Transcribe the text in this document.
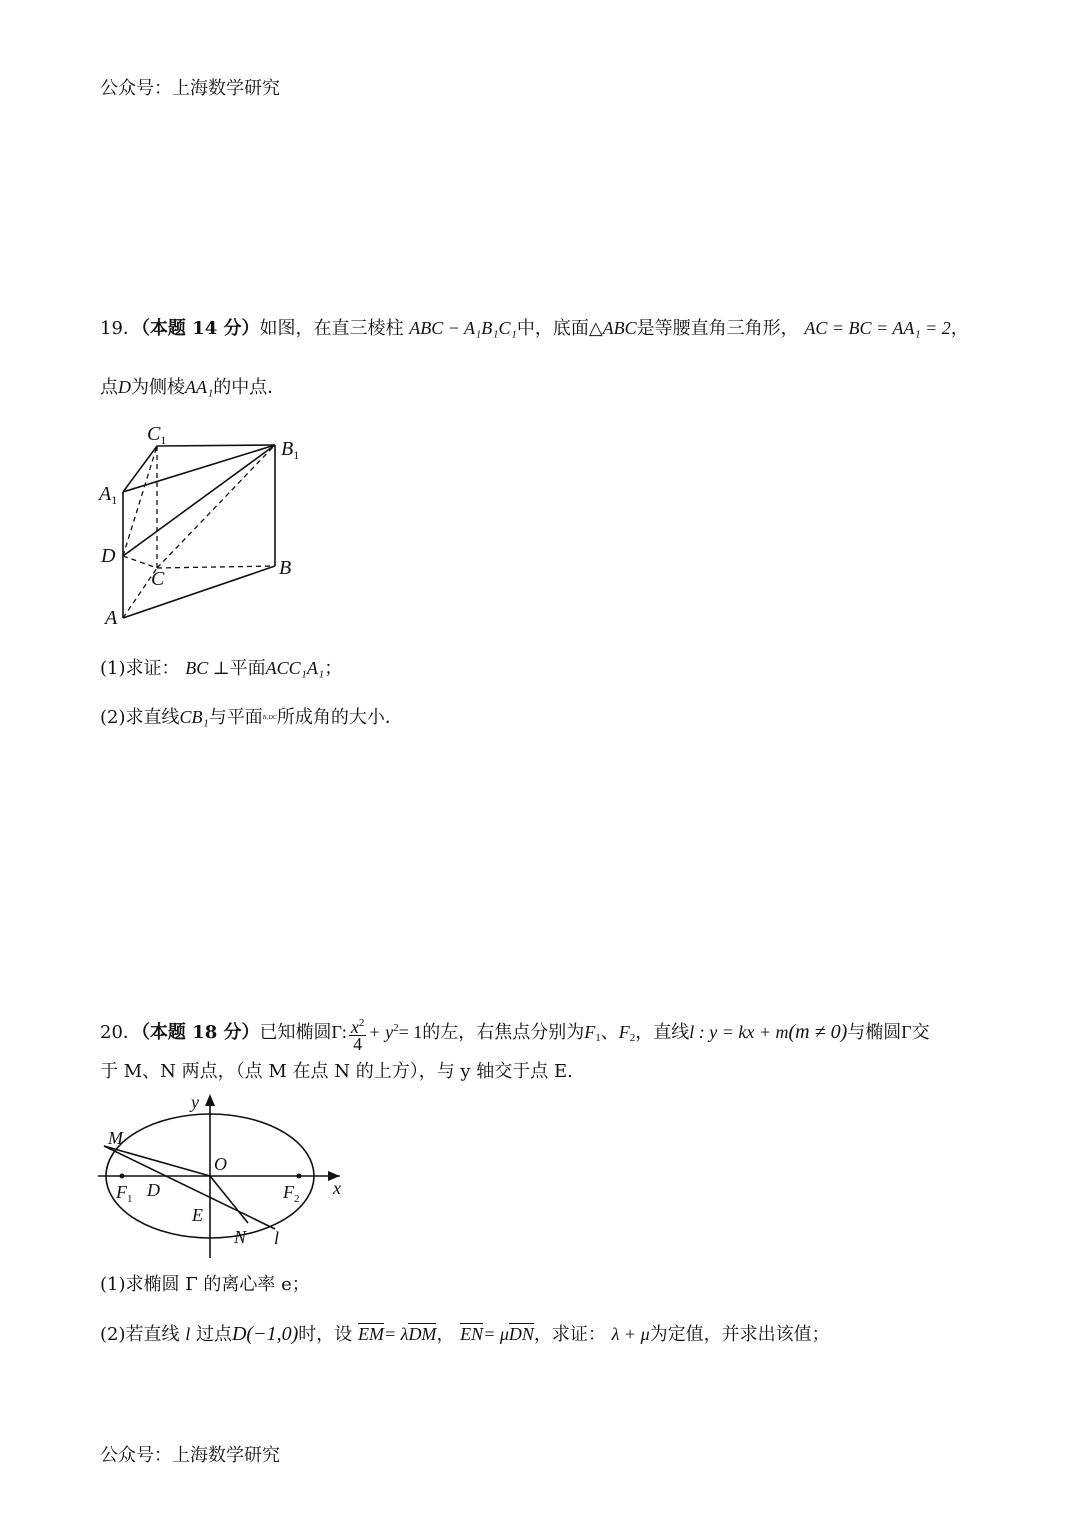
公众号：上海数学研究
19．（本题 14 分）如图，在直三棱柱 ABC − A₁B₁C₁中，底面△ABC是等腰直角三角形， AC = BC = AA₁ = 2，
点D为侧棱AA₁的中点．
$C_1$	$B_1$
$A_1$
D
C	B
A
(1)求证： BC ⊥平面ACC₁A₁；
(2)求直线CB₁与平面B₁DC所成角的大小．
20．（本题 18 分）已知椭圆Γ: $\frac{x^2}{4} + y^2= 1$的左，右焦点分别为$F_1$、$F_2$，直线l : y = kx + m(m ≠ 0)与椭圆Γ交
于 M、N 两点，（点 M 在点 N 的上方），与 y 轴交于点 E.
y
x
O
M
$F_1$ D	$F_2$
E
N l
(1)求椭圆 Γ 的离心率 e；
(2)若直线 l 过点D(−1,0)时，设 EM= λDM， EN= μDN，求证： λ + μ为定值，并求出该值；
公众号：上海数学研究
